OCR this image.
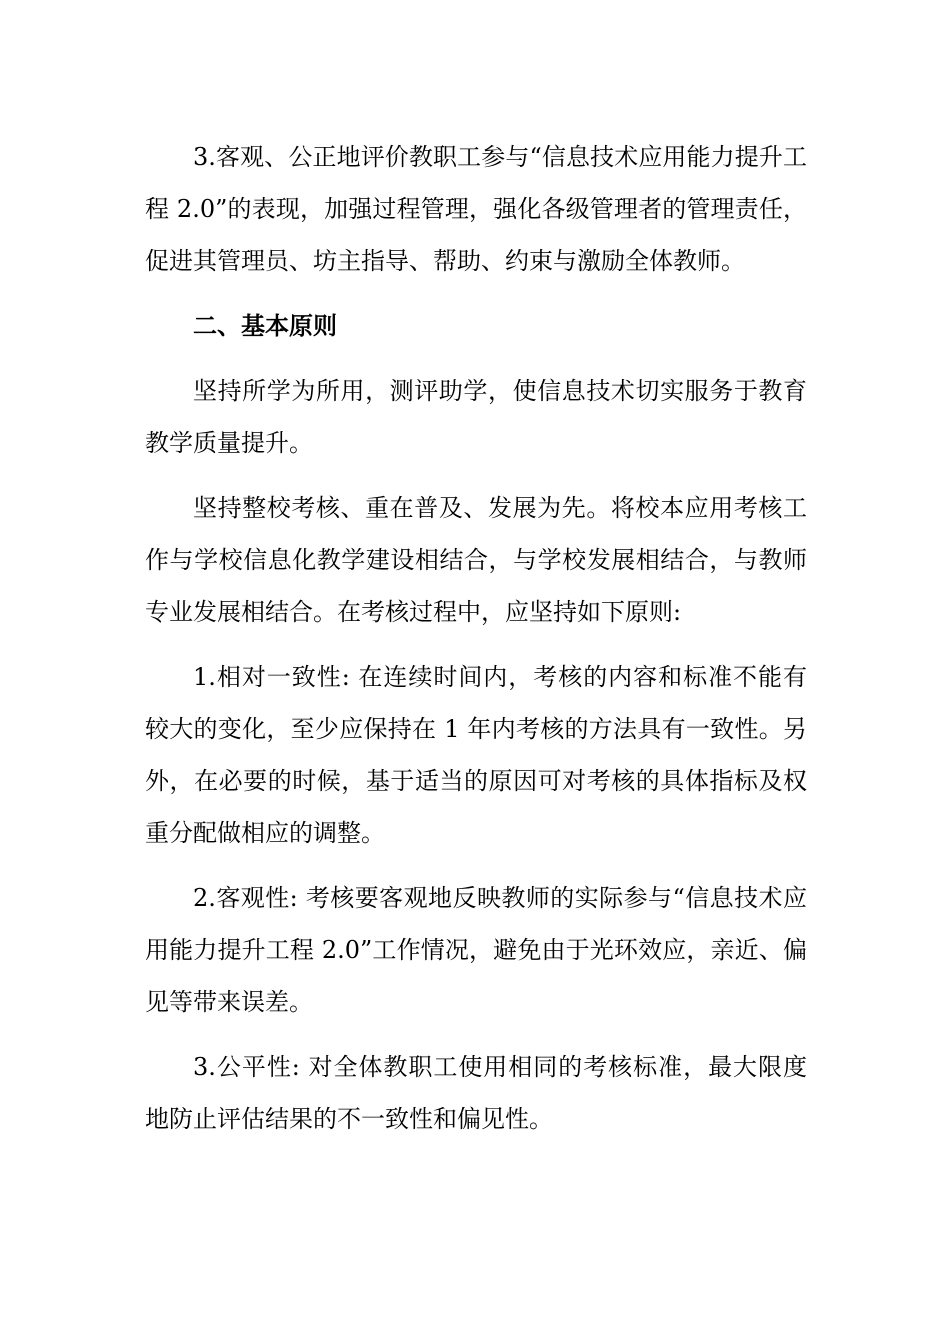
3.客观、公正地评价教职工参与“信息技术应用能力提升工程 2.0”的表现，加强过程管理，强化各级管理者的管理责任，促进其管理员、坊主指导、帮助、约束与激励全体教师。

二、基本原则

坚持所学为所用，测评助学，使信息技术切实服务于教育教学质量提升。

坚持整校考核、重在普及、发展为先。将校本应用考核工作与学校信息化教学建设相结合，与学校发展相结合，与教师专业发展相结合。在考核过程中，应坚持如下原则:

1.相对一致性: 在连续时间内，考核的内容和标准不能有较大的变化，至少应保持在 1 年内考核的方法具有一致性。另外，在必要的时候，基于适当的原因可对考核的具体指标及权重分配做相应的调整。

2.客观性: 考核要客观地反映教师的实际参与“信息技术应用能力提升工程 2.0”工作情况，避免由于光环效应，亲近、偏见等带来误差。

3.公平性: 对全体教职工使用相同的考核标准，最大限度地防止评估结果的不一致性和偏见性。
